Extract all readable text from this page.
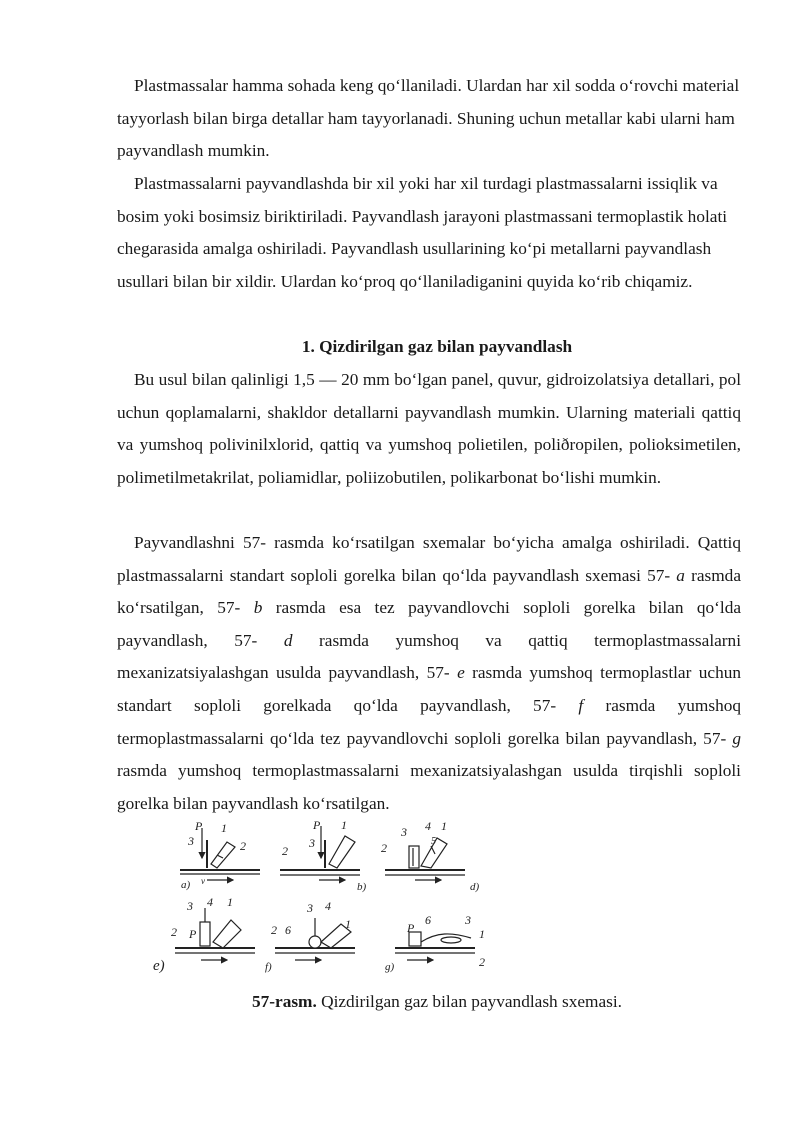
Plastmassalar hamma sohada keng qo‘llaniladi. Ulardan har xil sodda o‘rovchi material tayyorlash bilan birga detallar ham tayyorlanadi. Shuning uchun metallar kabi ularni ham payvandlash mumkin.

Plastmassalarni payvandlashda bir xil yoki har xil turdagi plastmassalarni issiqlik va bosim yoki bosimsiz biriktiriladi. Payvandlash jarayoni plastmassani termoplastik holati chegarasida amalga oshiriladi. Payvandlash usullarining ko‘pi metallarni payvandlash usullari bilan bir xildir. Ulardan ko‘proq qo‘llaniladiganini quyida ko‘rib chiqamiz.

1. Qizdirilgan gaz bilan payvandlash

Bu usul bilan qalinligi 1,5 — 20 mm bo‘lgan panel, quvur, gidroizolatsiya detallari, pol uchun qoplamalarni, shakldor detallarni payvandlash mumkin. Ularning materiali qattiq va yumshoq polivinilxlorid, qattiq va yumshoq polietilen, poliðropilen, polioksimetilen, polimetilmetakrilat, poliamidlar, poliizobutilen, polikarbonat bo‘lishi mumkin.

Payvandlashni 57- rasmda ko‘rsatilgan sxemalar bo‘yicha amalga oshiriladi. Qattiq plastmassalarni standart soploli gorelka bilan qo‘lda payvandlash sxemasi 57- a rasmda ko‘rsatilgan, 57- b rasmda esa tez payvandlovchi soploli gorelka bilan qo‘lda payvandlash, 57- d rasmda yumshoq va qattiq termoplastmassalarni mexanizatsiyalashgan usulda payvandlash, 57- e rasmda yumshoq termoplastlar uchun standart soploli gorelkada qo‘lda payvandlash, 57- f rasmda yumshoq termoplastmassalarni qo‘lda tez payvandlovchi soploli gorelka bilan payvandlash, 57- g rasmda yumshoq termoplastmassalarni mexanizatsiyalashgan usulda tirqishli soploli gorelka bilan payvandlash ko‘rsatilgan.

P 1
3	2
a) v
P 1
3
2
b)
3 4 1
5
2
d)
3 4 1
P
2
e)
3 4
1
2 6
f)
P
6	3
1
2
g)
57-rasm. Qizdirilgan gaz bilan payvandlash sxemasi.
